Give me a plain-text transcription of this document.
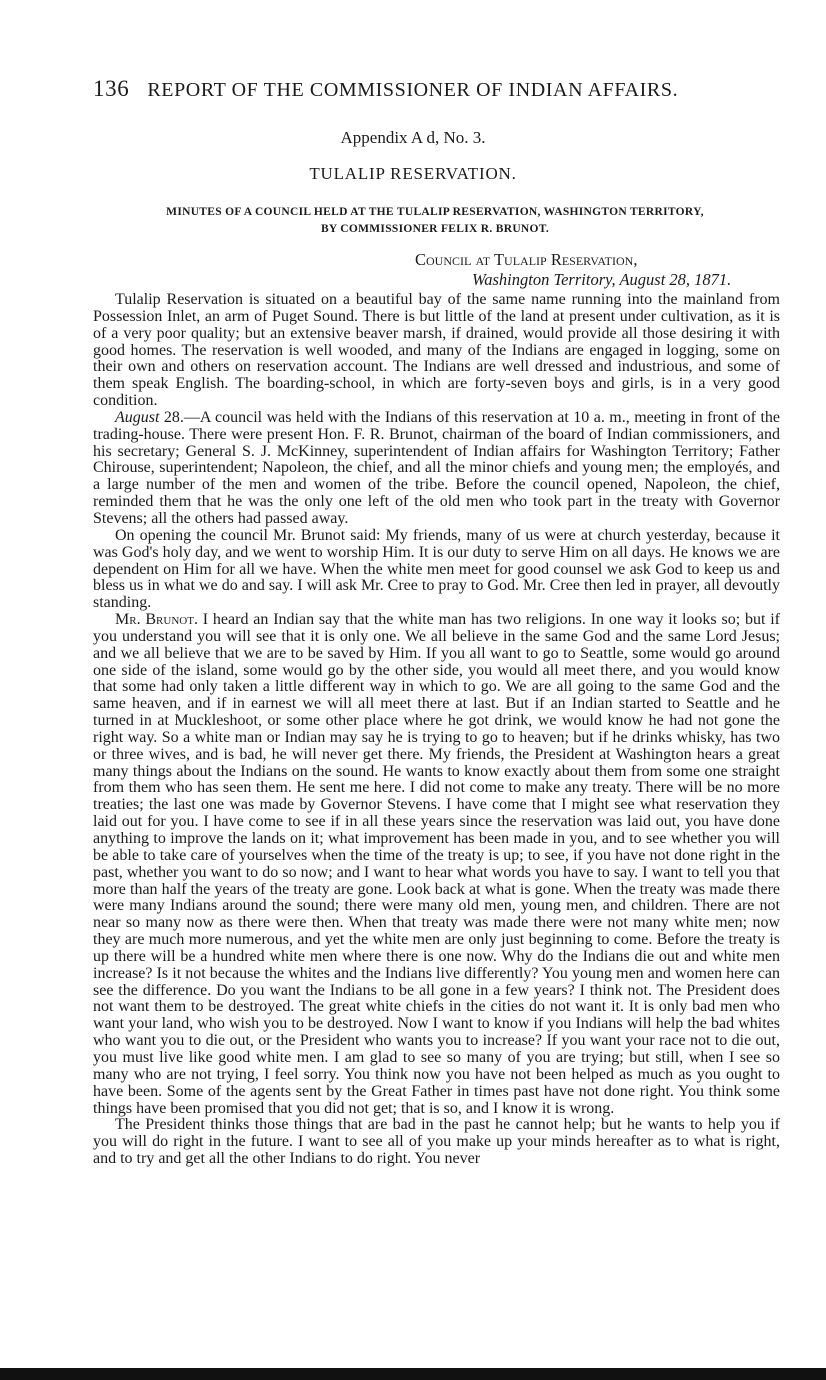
136 REPORT OF THE COMMISSIONER OF INDIAN AFFAIRS.
Appendix A d, No. 3.
TULALIP RESERVATION.
MINUTES OF A COUNCIL HELD AT THE TULALIP RESERVATION, WASHINGTON TERRITORY,
BY COMMISSIONER FELIX R. BRUNOT.
Council at Tulalip Reservation,
Washington Territory, August 28, 1871.

Tulalip Reservation is situated on a beautiful bay of the same name running into the mainland from Possession Inlet, an arm of Puget Sound. There is but little of the land at present under cultivation, as it is of a very poor quality; but an extensive beaver marsh, if drained, would provide all those desiring it with good homes. The reservation is well wooded, and many of the Indians are engaged in logging, some on their own and others on reservation account. The Indians are well dressed and industrious, and some of them speak English. The boarding-school, in which are forty-seven boys and girls, is in a very good condition.

August 28.—A council was held with the Indians of this reservation at 10 a. m., meeting in front of the trading-house. There were present Hon. F. R. Brunot, chairman of the board of Indian commissioners, and his secretary; General S. J. McKinney, superintendent of Indian affairs for Washington Territory; Father Chirouse, superintendent; Napoleon, the chief, and all the minor chiefs and young men; the employés, and a large number of the men and women of the tribe. Before the council opened, Napoleon, the chief, reminded them that he was the only one left of the old men who took part in the treaty with Governor Stevens; all the others had passed away.

On opening the council Mr. Brunot said: My friends, many of us were at church yesterday, because it was God's holy day, and we went to worship Him. It is our duty to serve Him on all days. He knows we are dependent on Him for all we have. When the white men meet for good counsel we ask God to keep us and bless us in what we do and say. I will ask Mr. Cree to pray to God. Mr. Cree then led in prayer, all devoutly standing.

Mr. Brunot. I heard an Indian say that the white man has two religions. In one way it looks so; but if you understand you will see that it is only one. We all believe in the same God and the same Lord Jesus; and we all believe that we are to be saved by Him. If you all want to go to Seattle, some would go around one side of the island, some would go by the other side, you would all meet there, and you would know that some had only taken a little different way in which to go. We are all going to the same God and the same heaven, and if in earnest we will all meet there at last. But if an Indian started to Seattle and he turned in at Muckleshoot, or some other place where he got drink, we would know he had not gone the right way. So a white man or Indian may say he is trying to go to heaven; but if he drinks whisky, has two or three wives, and is bad, he will never get there. My friends, the President at Washington hears a great many things about the Indians on the sound. He wants to know exactly about them from some one straight from them who has seen them. He sent me here. I did not come to make any treaty. There will be no more treaties; the last one was made by Governor Stevens. I have come that I might see what reservation they laid out for you. I have come to see if in all these years since the reservation was laid out, you have done anything to improve the lands on it; what improvement has been made in you, and to see whether you will be able to take care of yourselves when the time of the treaty is up; to see, if you have not done right in the past, whether you want to do so now; and I want to hear what words you have to say. I want to tell you that more than half the years of the treaty are gone. Look back at what is gone. When the treaty was made there were many Indians around the sound; there were many old men, young men, and children. There are not near so many now as there were then. When that treaty was made there were not many white men; now they are much more numerous, and yet the white men are only just beginning to come. Before the treaty is up there will be a hundred white men where there is one now. Why do the Indians die out and white men increase? Is it not because the whites and the Indians live differently? You young men and women here can see the difference. Do you want the Indians to be all gone in a few years? I think not. The President does not want them to be destroyed. The great white chiefs in the cities do not want it. It is only bad men who want your land, who wish you to be destroyed. Now I want to know if you Indians will help the bad whites who want you to die out, or the President who wants you to increase? If you want your race not to die out, you must live like good white men. I am glad to see so many of you are trying; but still, when I see so many who are not trying, I feel sorry. You think now you have not been helped as much as you ought to have been. Some of the agents sent by the Great Father in times past have not done right. You think some things have been promised that you did not get; that is so, and I know it is wrong.

The President thinks those things that are bad in the past he cannot help; but he wants to help you if you will do right in the future. I want to see all of you make up your minds hereafter as to what is right, and to try and get all the other Indians to do right. You never
